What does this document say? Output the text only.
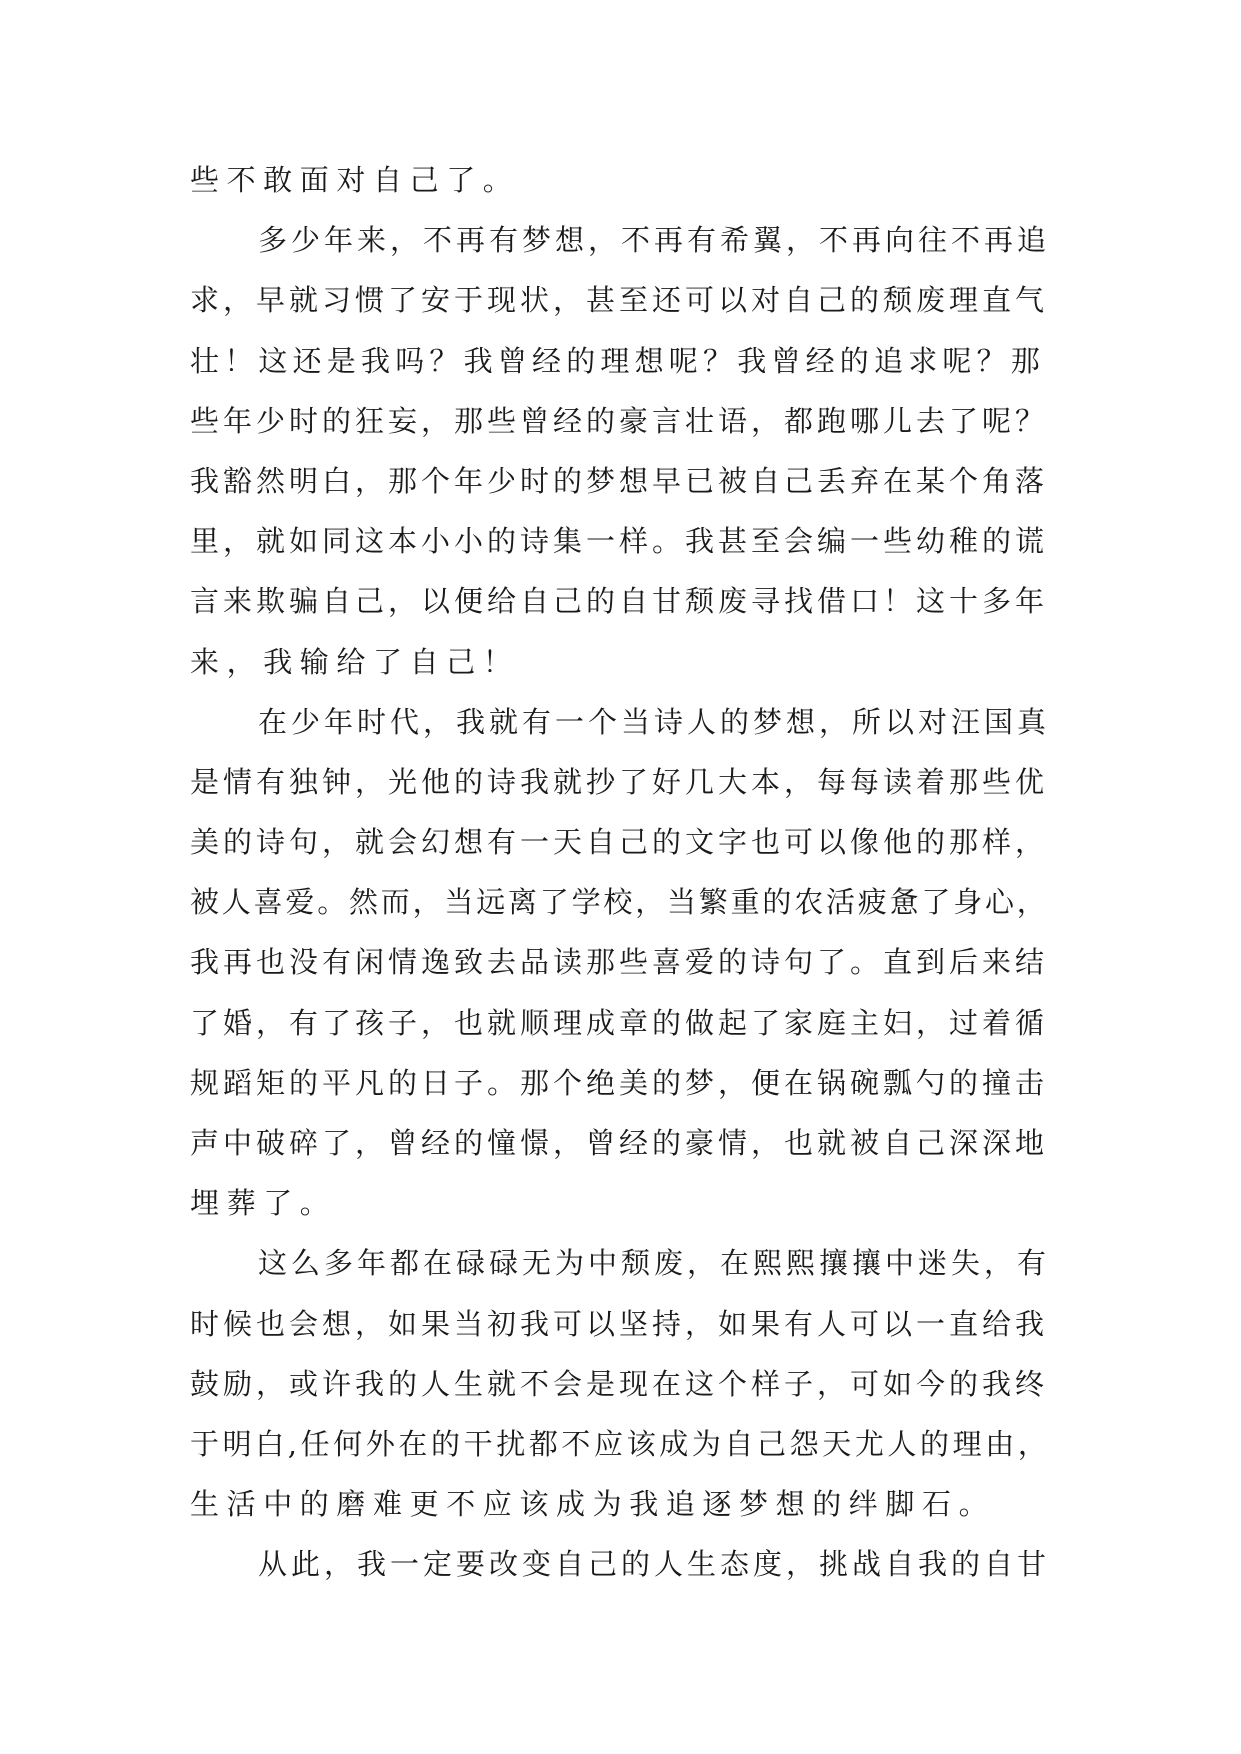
些不敢面对自己了。
多少年来，不再有梦想，不再有希翼，不再向往不再追
求，早就习惯了安于现状，甚至还可以对自己的颓废理直气
壮！这还是我吗？我曾经的理想呢？我曾经的追求呢？那
些年少时的狂妄，那些曾经的豪言壮语，都跑哪儿去了呢？
我豁然明白，那个年少时的梦想早已被自己丢弃在某个角落
里，就如同这本小小的诗集一样。我甚至会编一些幼稚的谎
言来欺骗自己，以便给自己的自甘颓废寻找借口！这十多年
来，我输给了自己！
在少年时代，我就有一个当诗人的梦想，所以对汪国真
是情有独钟，光他的诗我就抄了好几大本，每每读着那些优
美的诗句，就会幻想有一天自己的文字也可以像他的那样，
被人喜爱。然而，当远离了学校，当繁重的农活疲惫了身心，
我再也没有闲情逸致去品读那些喜爱的诗句了。直到后来结
了婚，有了孩子，也就顺理成章的做起了家庭主妇，过着循
规蹈矩的平凡的日子。那个绝美的梦，便在锅碗瓢勺的撞击
声中破碎了，曾经的憧憬，曾经的豪情，也就被自己深深地
埋葬了。
这么多年都在碌碌无为中颓废，在熙熙攘攘中迷失，有
时候也会想，如果当初我可以坚持，如果有人可以一直给我
鼓励，或许我的人生就不会是现在这个样子，可如今的我终
于明白,任何外在的干扰都不应该成为自己怨天尤人的理由，
生活中的磨难更不应该成为我追逐梦想的绊脚石。
从此，我一定要改变自己的人生态度，挑战自我的自甘
